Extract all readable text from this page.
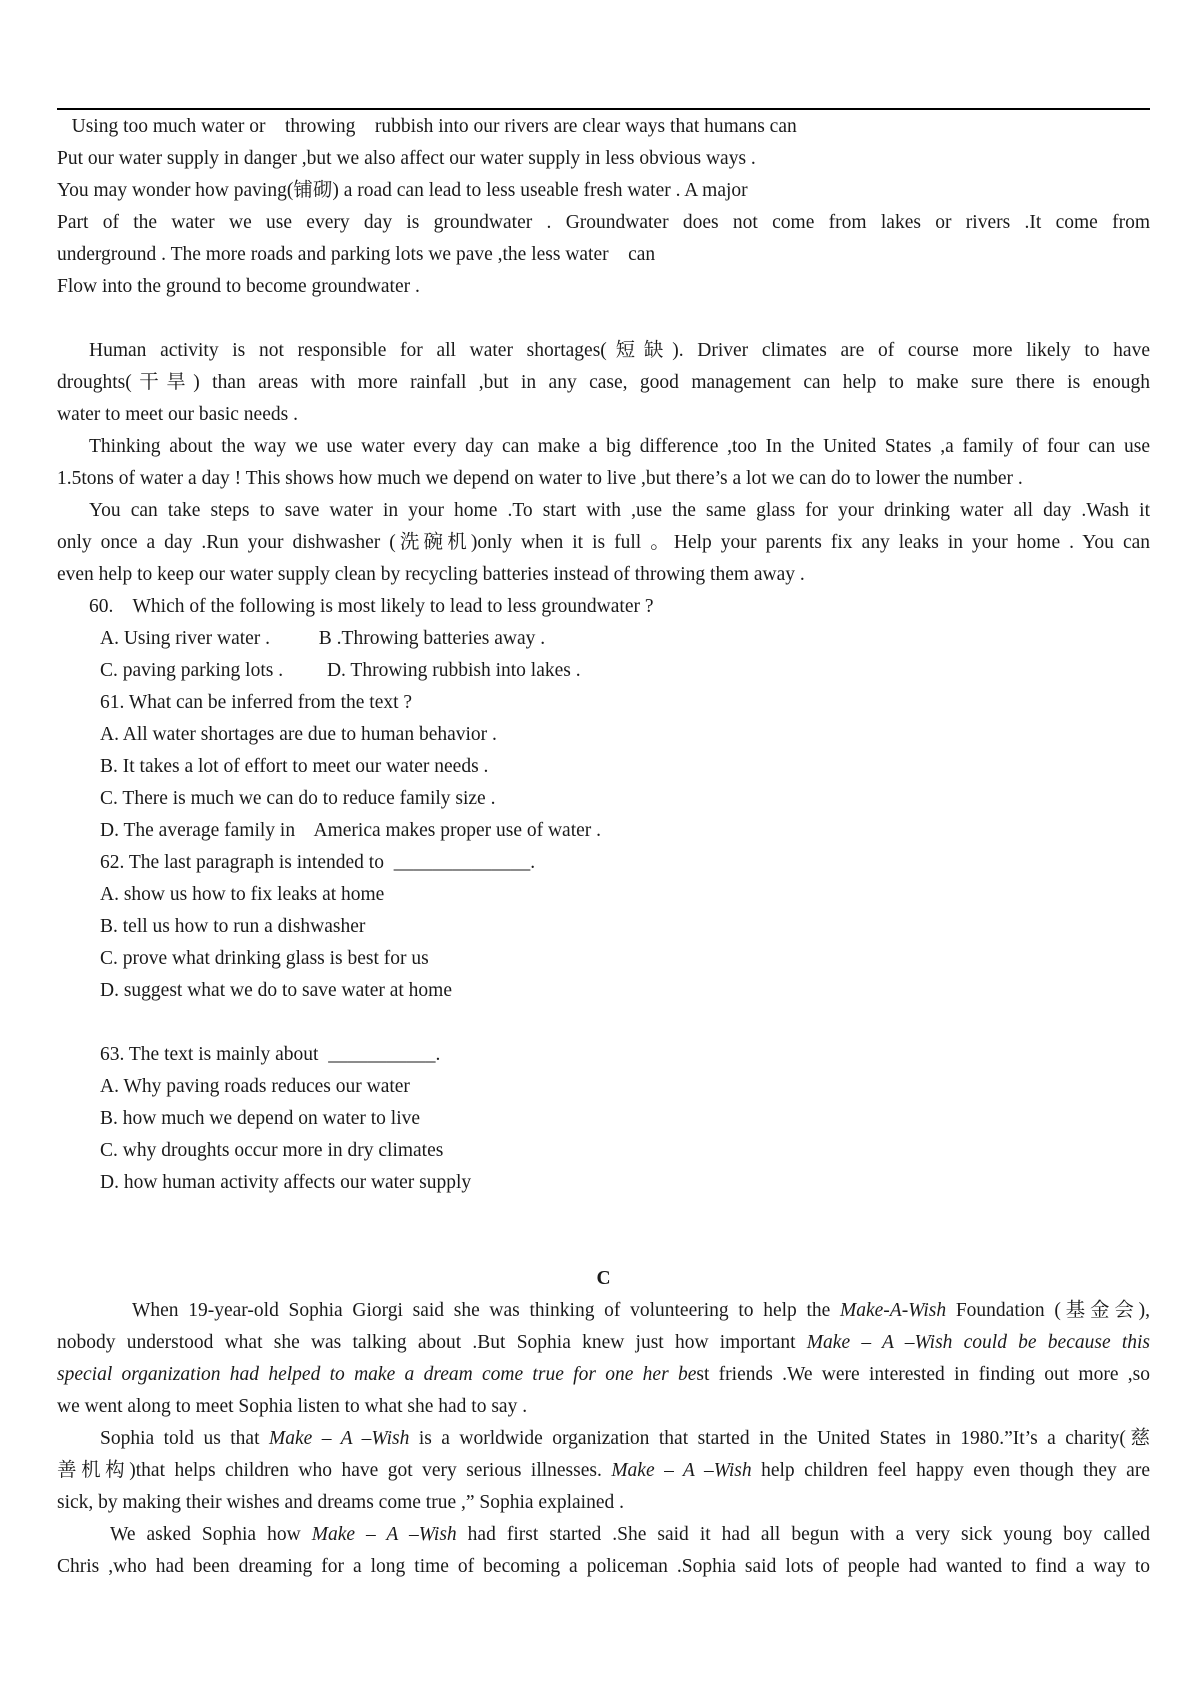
Using too much water or    throwing    rubbish into our rivers are clear ways that humans can
Put our water supply in danger ,but we also affect our water supply in less obvious ways .
You may wonder how paving(铺砌) a road can lead to less useable fresh water . A major
Part of the water we use every day is groundwater . Groundwater does not come from lakes or rivers .It come from
underground . The more roads and parking lots we pave ,the less water    can
Flow into the ground to become groundwater .
Human activity is not responsible for all water shortages(短缺). Driver climates are of course more likely to have
droughts(干旱) than areas with more rainfall ,but in any case, good management can help to make sure there is enough
water to meet our basic needs .
Thinking about the way we use water every day can make a big difference ,too In the United States ,a family of four can use
1.5tons of water a day ! This shows how much we depend on water to live ,but there’s a lot we can do to lower the number .
You can take steps to save water in your home .To start with ,use the same glass for your drinking water all day .Wash it
only once a day .Run your dishwasher (洗碗机)only when it is full 。Help your parents fix any leaks in your home . You can
even help to keep our water supply clean by recycling batteries instead of throwing them away .
60.    Which of the following is most likely to lead to less groundwater ?
A. Using river water .          B .Throwing batteries away .
C. paving parking lots .         D. Throwing rubbish into lakes .
61. What can be inferred from the text ?
A. All water shortages are due to human behavior .
B. It takes a lot of effort to meet our water needs .
C. There is much we can do to reduce family size .
D. The average family in    America makes proper use of water .
62. The last paragraph is intended to  ______________.
A. show us how to fix leaks at home
B. tell us how to run a dishwasher
C. prove what drinking glass is best for us
D. suggest what we do to save water at home
63. The text is mainly about  ___________.
A. Why paving roads reduces our water
B. how much we depend on water to live
C. why droughts occur more in dry climates
D. how human activity affects our water supply
C
When 19-year-old Sophia Giorgi said she was thinking of volunteering to help the Make-A-Wish Foundation (基金会),
nobody understood what she was talking about .But Sophia knew just how important Make – A –Wish could be because this
special organization had helped to make a dream come true for one her best friends .We were interested in finding out more ,so
we went along to meet Sophia listen to what she had to say .
Sophia told us that Make – A –Wish is a worldwide organization that started in the United States in 1980.”It’s a charity(慈
善机构)that helps children who have got very serious illnesses. Make – A –Wish help children feel happy even though they are
sick, by making their wishes and dreams come true ,” Sophia explained .
We asked Sophia how Make – A –Wish had first started .She said it had all begun with a very sick young boy called
Chris ,who had been dreaming for a long time of becoming a policeman .Sophia said lots of people had wanted to find a way to
